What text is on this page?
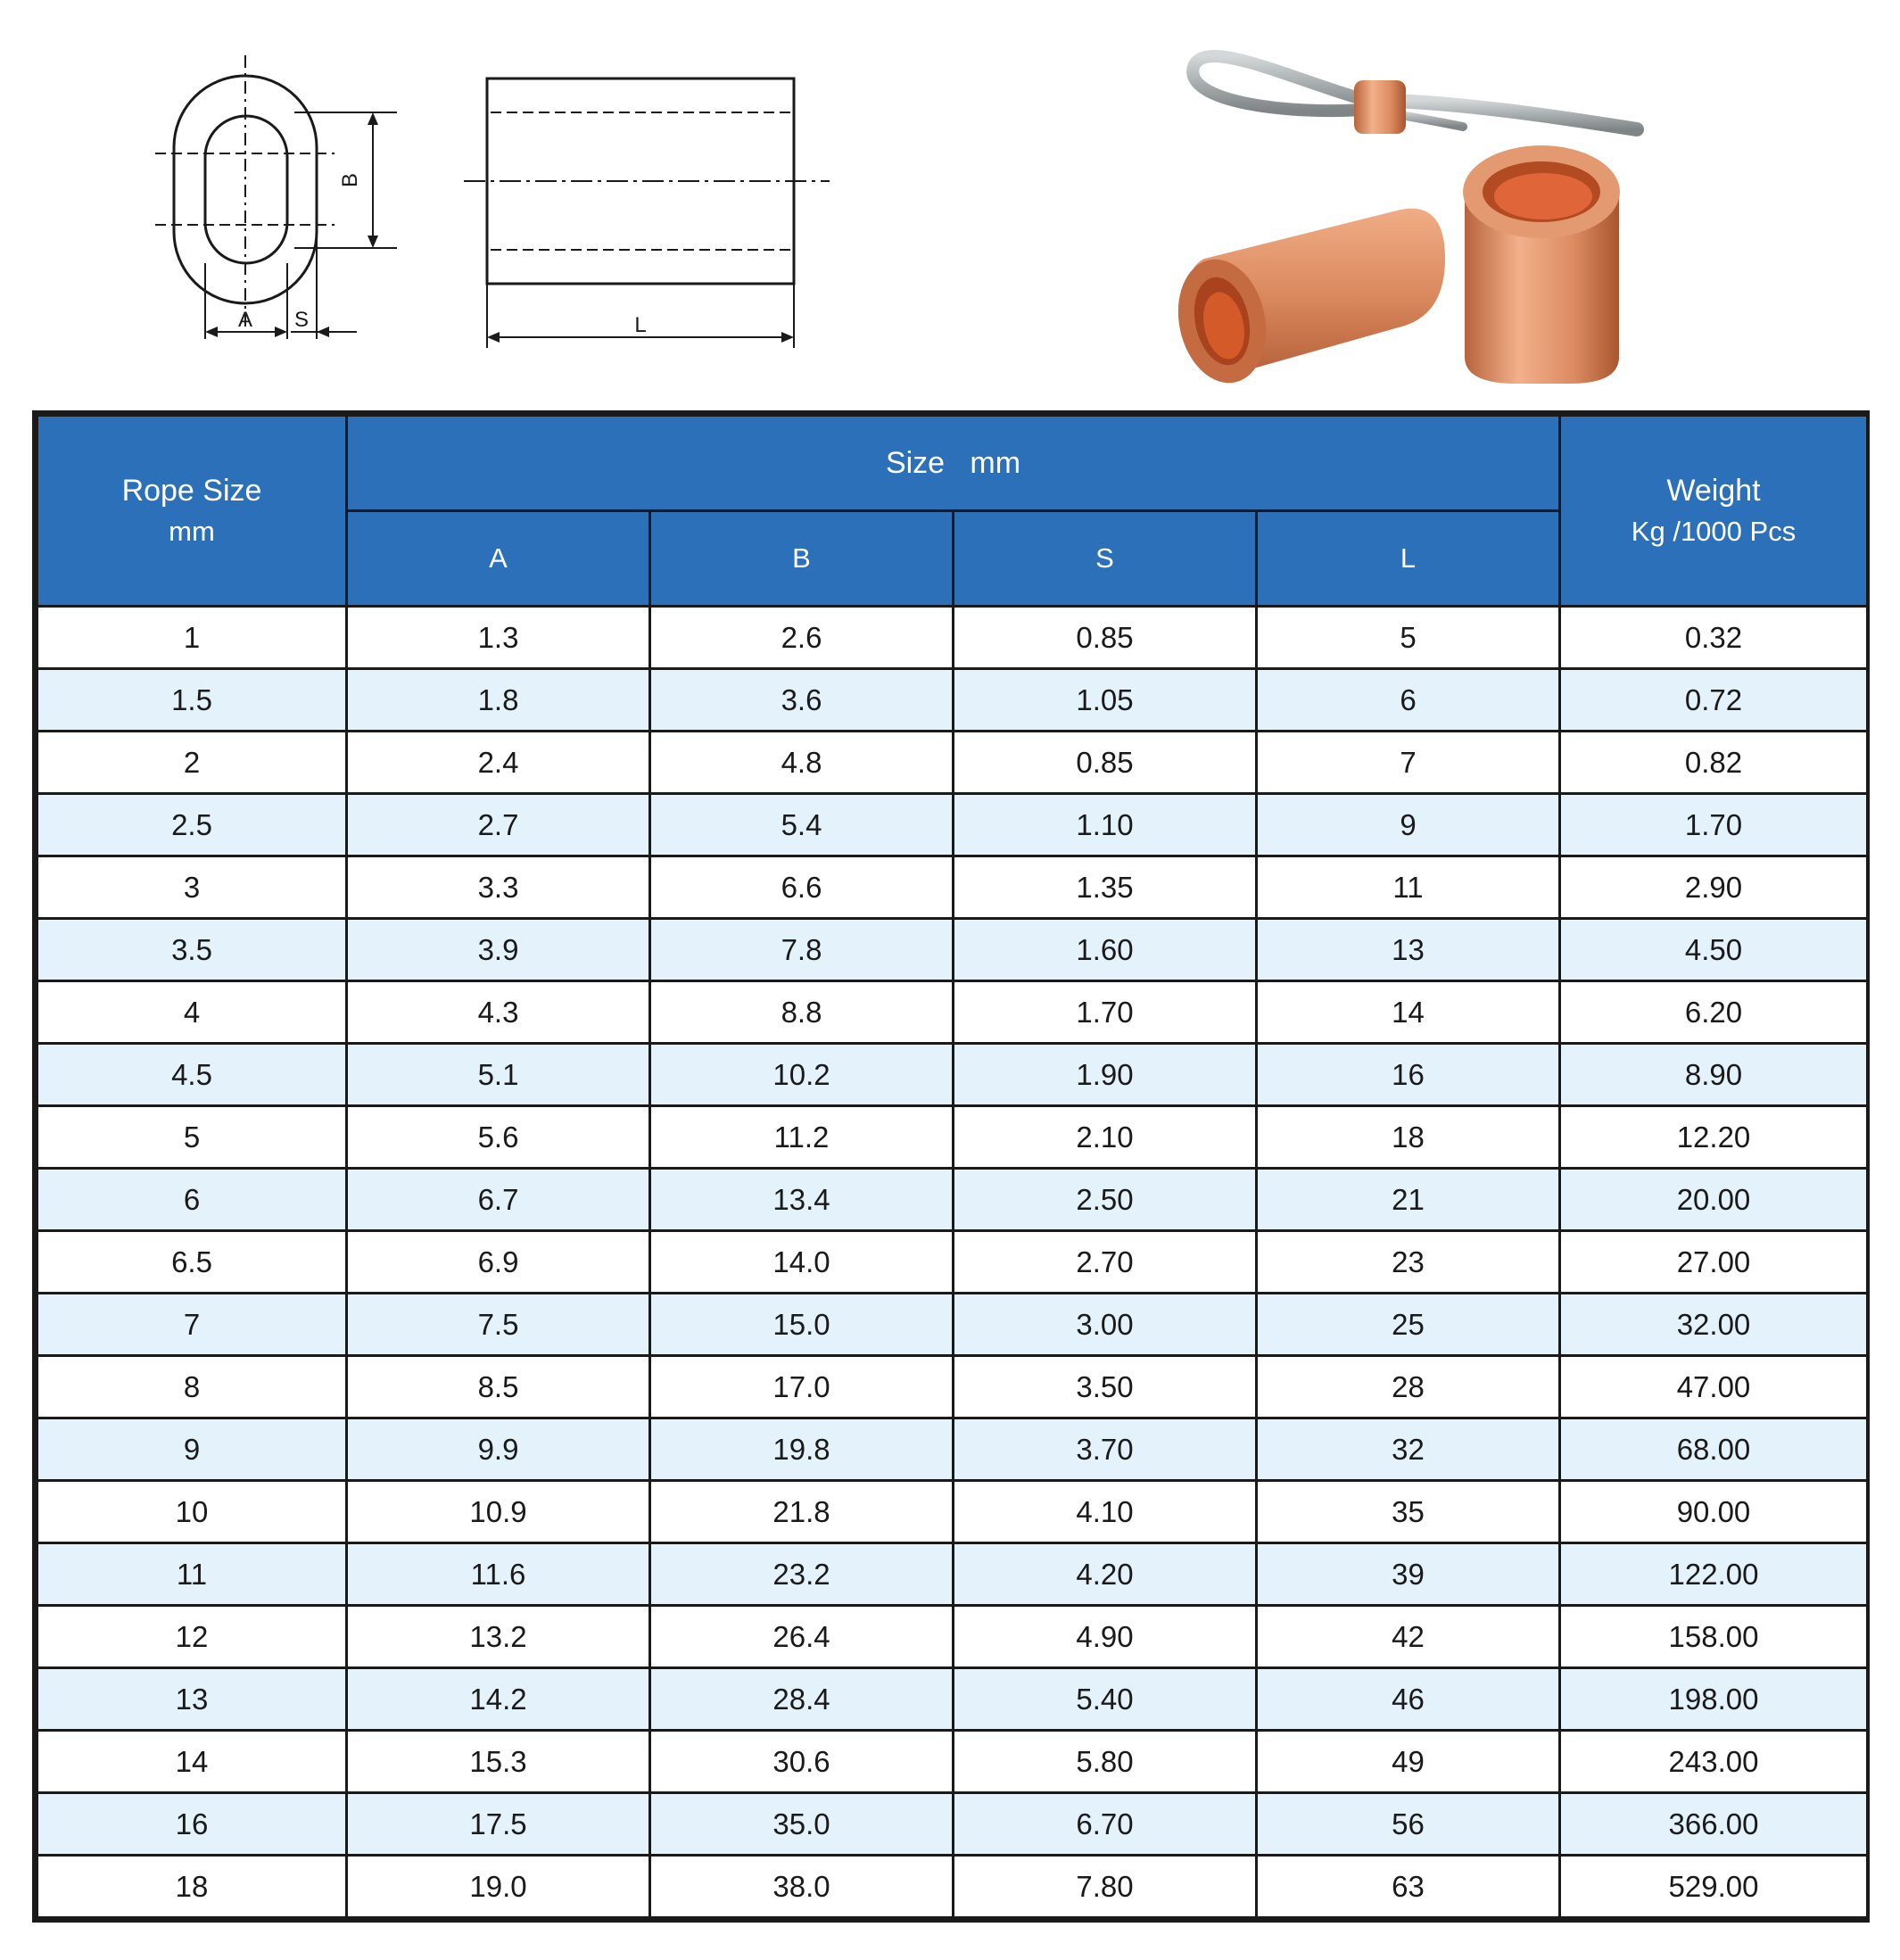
B
A S	L
Rope Size
mm	Size   mm				Weight
Kg /1000 Pcs

	A	B	S	L	
1	1.3	2.6	0.85	5	0.32
1.5	1.8	3.6	1.05	6	0.72
2	2.4	4.8	0.85	7	0.82
2.5	2.7	5.4	1.10	9	1.70
3	3.3	6.6	1.35	11	2.90
3.5	3.9	7.8	1.60	13	4.50
4	4.3	8.8	1.70	14	6.20
4.5	5.1	10.2	1.90	16	8.90
5	5.6	11.2	2.10	18	12.20
6	6.7	13.4	2.50	21	20.00
6.5	6.9	14.0	2.70	23	27.00
7	7.5	15.0	3.00	25	32.00
8	8.5	17.0	3.50	28	47.00
9	9.9	19.8	3.70	32	68.00
10	10.9	21.8	4.10	35	90.00
11	11.6	23.2	4.20	39	122.00
12	13.2	26.4	4.90	42	158.00
13	14.2	28.4	5.40	46	198.00
14	15.3	30.6	5.80	49	243.00
16	17.5	35.0	6.70	56	366.00
18	19.0	38.0	7.80	63	529.00
